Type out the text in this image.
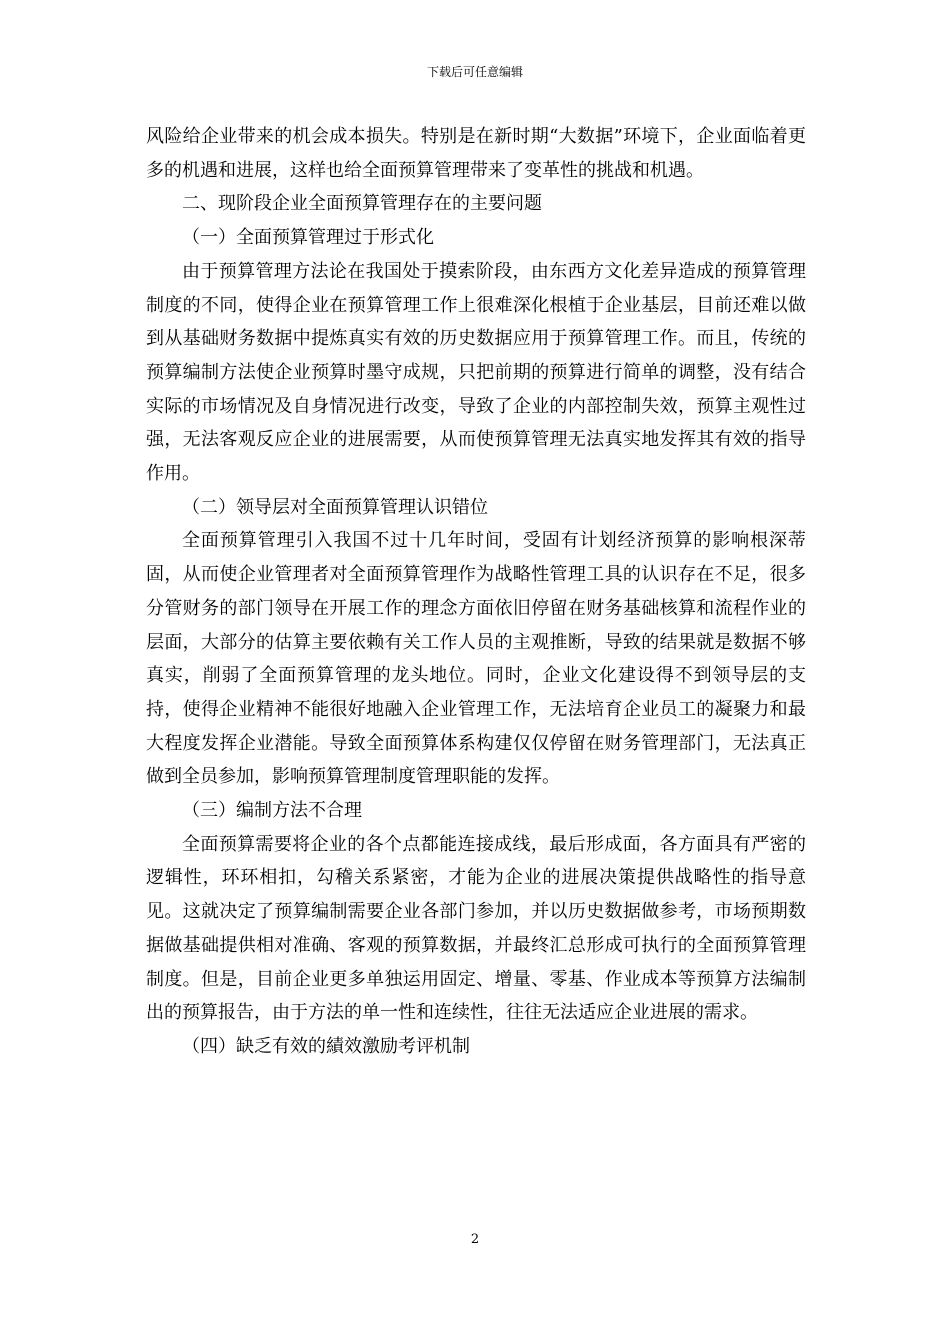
下载后可任意编辑

风险给企业带来的机会成本损失。特别是在新时期“大数据”环境下，企业面临着更多的机遇和进展，这样也给全面预算管理带来了变革性的挑战和机遇。

二、现阶段企业全面预算管理存在的主要问题

（一）全面预算管理过于形式化

由于预算管理方法论在我国处于摸索阶段，由东西方文化差异造成的预算管理制度的不同，使得企业在预算管理工作上很难深化根植于企业基层，目前还难以做到从基础财务数据中提炼真实有效的历史数据应用于预算管理工作。而且，传统的预算编制方法使企业预算时墨守成规，只把前期的预算进行简单的调整，没有结合实际的市场情况及自身情况进行改变，导致了企业的内部控制失效，预算主观性过强，无法客观反应企业的进展需要，从而使预算管理无法真实地发挥其有效的指导作用。

（二）领导层对全面预算管理认识错位

全面预算管理引入我国不过十几年时间，受固有计划经济预算的影响根深蒂固，从而使企业管理者对全面预算管理作为战略性管理工具的认识存在不足，很多分管财务的部门领导在开展工作的理念方面依旧停留在财务基础核算和流程作业的层面，大部分的估算主要依赖有关工作人员的主观推断，导致的结果就是数据不够真实，削弱了全面预算管理的龙头地位。同时，企业文化建设得不到领导层的支持，使得企业精神不能很好地融入企业管理工作，无法培育企业员工的凝聚力和最大程度发挥企业潜能。导致全面预算体系构建仅仅停留在财务管理部门，无法真正做到全员参加，影响预算管理制度管理职能的发挥。

（三）编制方法不合理

全面预算需要将企业的各个点都能连接成线，最后形成面，各方面具有严密的逻辑性，环环相扣，勾稽关系紧密，才能为企业的进展决策提供战略性的指导意见。这就决定了预算编制需要企业各部门参加，并以历史数据做参考，市场预期数据做基础提供相对准确、客观的预算数据，并最终汇总形成可执行的全面预算管理制度。但是，目前企业更多单独运用固定、增量、零基、作业成本等预算方法编制出的预算报告，由于方法的单一性和连续性，往往无法适应企业进展的需求。

（四）缺乏有效的績效激励考评机制

2
